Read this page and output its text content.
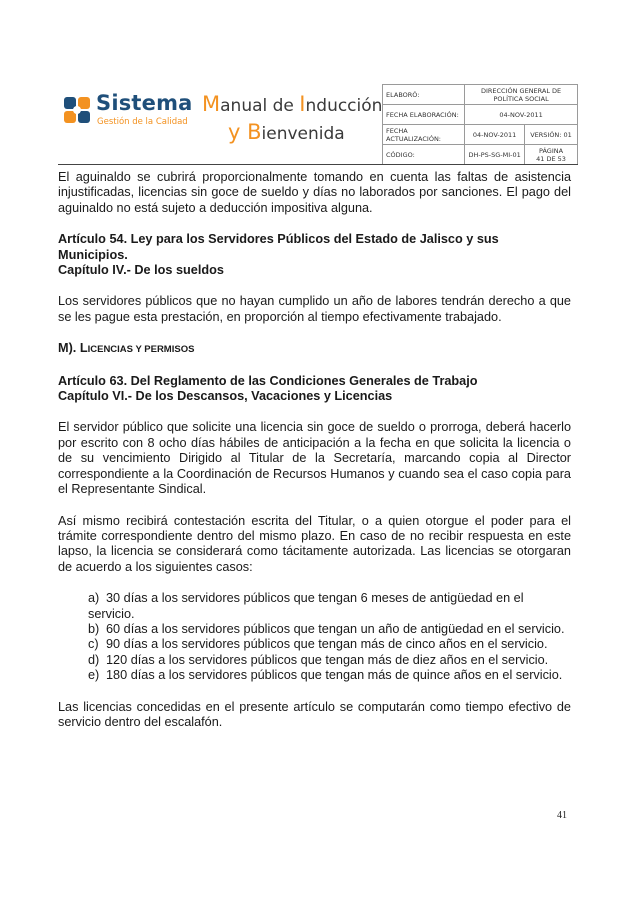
Sistema
Gestión de la Calidad
Manual de Inducción
y Bienvenida
ELABORÓ:	DIRECCIÓN GENERAL DE POLÍTICA SOCIAL	
FECHA ELABORACIÓN:	04-NOV-2011	
FECHA ACTUALIZACIÓN:	04-NOV-2011	VERSIÓN: 01
CÓDIGO:	DH-PS-SG-MI-01	PÁGINA
41 DE 53

El aguinaldo se cubrirá proporcionalmente tomando en cuenta las faltas de asistencia injustificadas, licencias sin goce de sueldo y días no laborados por sanciones. El pago del aguinaldo no está sujeto a deducción impositiva alguna.

Artículo 54. Ley para los Servidores Públicos del Estado de Jalisco y sus Municipios.
Capítulo IV.- De los sueldos

Los servidores públicos que no hayan cumplido un año de labores tendrán derecho a que se les pague esta prestación, en proporción al tiempo efectivamente trabajado.

M). LICENCIAS Y PERMISOS

Artículo 63. Del Reglamento de las Condiciones Generales de Trabajo
Capítulo VI.- De los Descansos, Vacaciones y Licencias

El servidor público que solicite una licencia sin goce de sueldo o prorroga, deberá hacerlo por escrito con 8 ocho días hábiles de anticipación a la fecha en que solicita la licencia o de su vencimiento Dirigido al Titular de la Secretaría, marcando copia al Director correspondiente a la Coordinación de Recursos Humanos y cuando sea el caso copia para el Representante Sindical.

Así mismo recibirá contestación escrita del Titular, o a quien otorgue el poder para el trámite correspondiente dentro del mismo plazo. En caso de no recibir respuesta en este lapso, la licencia se considerará como tácitamente autorizada. Las licencias se otorgaran de acuerdo a los siguientes casos:

a) 30 días a los servidores públicos que tengan 6 meses de antigüedad en el servicio.
b) 60 días a los servidores públicos que tengan un año de antigüedad en el servicio.
c) 90 días a los servidores públicos que tengan más de cinco años en el servicio.
d) 120 días a los servidores públicos que tengan más de diez años en el servicio.
e) 180 días a los servidores públicos que tengan más de quince años en el servicio.

Las licencias concedidas en el presente artículo se computarán como tiempo efectivo de servicio dentro del escalafón.

41
